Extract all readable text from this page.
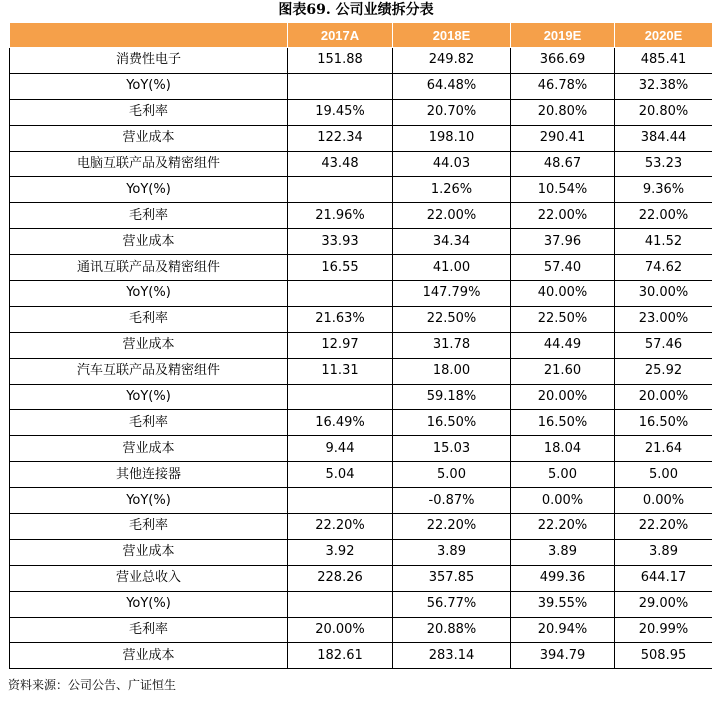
图表69. 公司业绩拆分表
	2017A	2018E	2019E	2020E
消费性电子	151.88	249.82	366.69	485.41
YoY(%)		64.48%	46.78%	32.38%
毛利率	19.45%	20.70%	20.80%	20.80%
营业成本	122.34	198.10	290.41	384.44
电脑互联产品及精密组件	43.48	44.03	48.67	53.23
YoY(%)		1.26%	10.54%	9.36%
毛利率	21.96%	22.00%	22.00%	22.00%
营业成本	33.93	34.34	37.96	41.52
通讯互联产品及精密组件	16.55	41.00	57.40	74.62
YoY(%)		147.79%	40.00%	30.00%
毛利率	21.63%	22.50%	22.50%	23.00%
营业成本	12.97	31.78	44.49	57.46
汽车互联产品及精密组件	11.31	18.00	21.60	25.92
YoY(%)		59.18%	20.00%	20.00%
毛利率	16.49%	16.50%	16.50%	16.50%
营业成本	9.44	15.03	18.04	21.64
其他连接器	5.04	5.00	5.00	5.00
YoY(%)		-0.87%	0.00%	0.00%
毛利率	22.20%	22.20%	22.20%	22.20%
营业成本	3.92	3.89	3.89	3.89
营业总收入	228.26	357.85	499.36	644.17
YoY(%)		56.77%	39.55%	29.00%
毛利率	20.00%	20.88%	20.94%	20.99%
营业成本	182.61	283.14	394.79	508.95
资料来源：公司公告、广证恒生
